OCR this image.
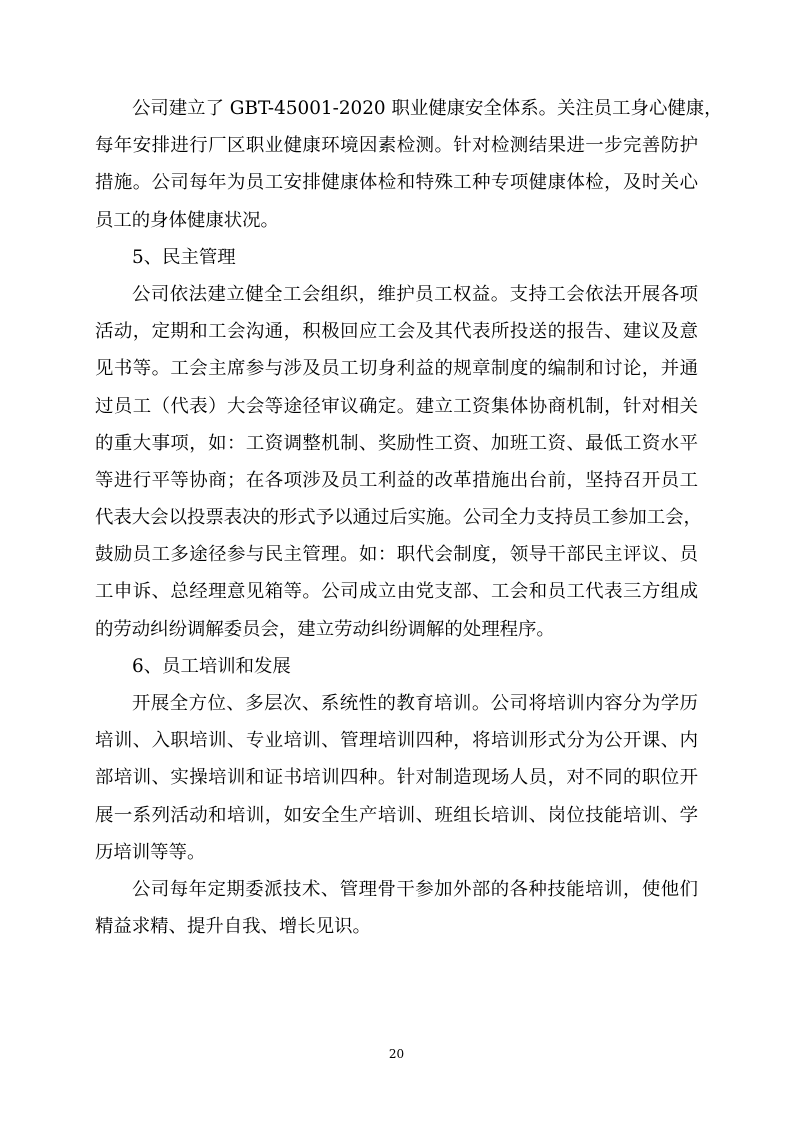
公司建立了 GBT-45001-2020 职业健康安全体系。关注员工身心健康，
每年安排进行厂区职业健康环境因素检测。针对检测结果进一步完善防护
措施。公司每年为员工安排健康体检和特殊工种专项健康体检，及时关心
员工的身体健康状况。
5、民主管理
公司依法建立健全工会组织，维护员工权益。支持工会依法开展各项
活动，定期和工会沟通，积极回应工会及其代表所投送的报告、建议及意
见书等。工会主席参与涉及员工切身利益的规章制度的编制和讨论，并通
过员工（代表）大会等途径审议确定。建立工资集体协商机制，针对相关
的重大事项，如：工资调整机制、奖励性工资、加班工资、最低工资水平
等进行平等协商；在各项涉及员工利益的改革措施出台前，坚持召开员工
代表大会以投票表决的形式予以通过后实施。公司全力支持员工参加工会，
鼓励员工多途径参与民主管理。如：职代会制度，领导干部民主评议、员
工申诉、总经理意见箱等。公司成立由党支部、工会和员工代表三方组成
的劳动纠纷调解委员会，建立劳动纠纷调解的处理程序。
6、员工培训和发展
开展全方位、多层次、系统性的教育培训。公司将培训内容分为学历
培训、入职培训、专业培训、管理培训四种，将培训形式分为公开课、内
部培训、实操培训和证书培训四种。针对制造现场人员，对不同的职位开
展一系列活动和培训，如安全生产培训、班组长培训、岗位技能培训、学
历培训等等。
公司每年定期委派技术、管理骨干参加外部的各种技能培训，使他们
精益求精、提升自我、增长见识。
20
